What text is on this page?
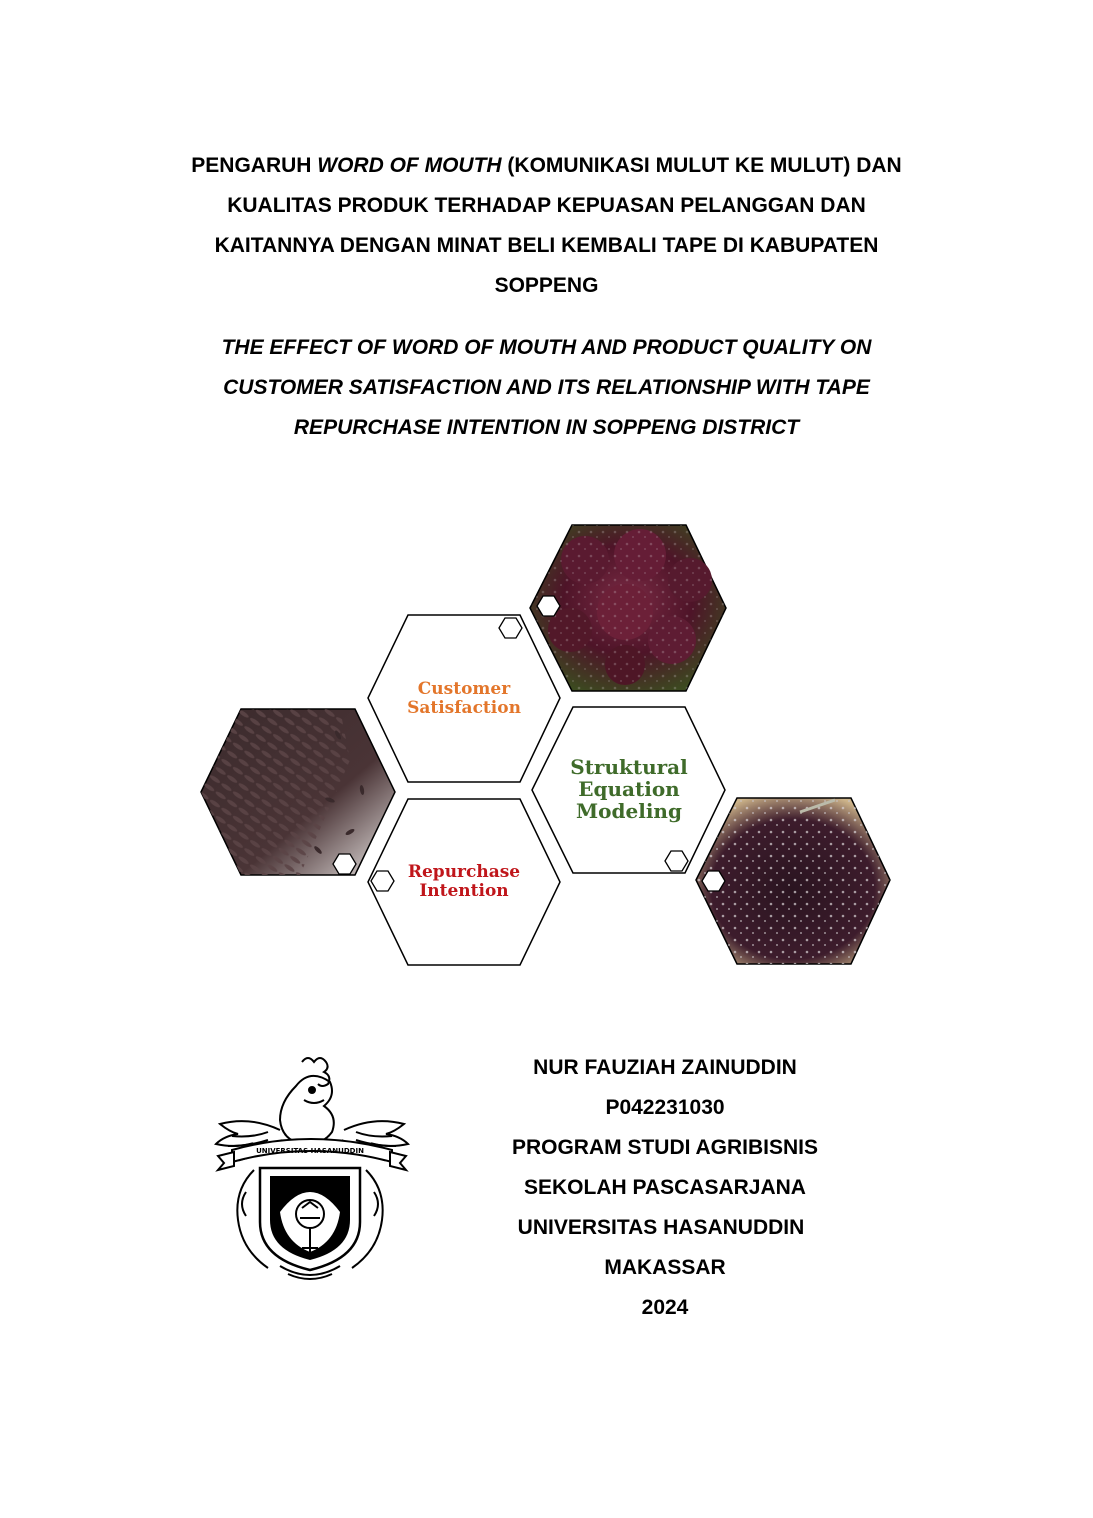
PENGARUH WORD OF MOUTH (KOMUNIKASI MULUT KE MULUT) DAN
KUALITAS PRODUK TERHADAP KEPUASAN PELANGGAN DAN
KAITANNYA DENGAN MINAT BELI KEMBALI TAPE DI KABUPATEN
SOPPENG
THE EFFECT OF WORD OF MOUTH AND PRODUCT QUALITY ON
CUSTOMER SATISFACTION AND ITS RELATIONSHIP WITH TAPE
REPURCHASE INTENTION IN SOPPENG DISTRICT
Customer
Satisfaction
Struktural
Equation
Modeling
Repurchase
Intention
UNIVERSITAS HASANUDDIN
NUR FAUZIAH ZAINUDDIN
P042231030
PROGRAM STUDI AGRIBISNIS
SEKOLAH PASCASARJANA
UNIVERSITAS HASANUDDIN
MAKASSAR
2024
